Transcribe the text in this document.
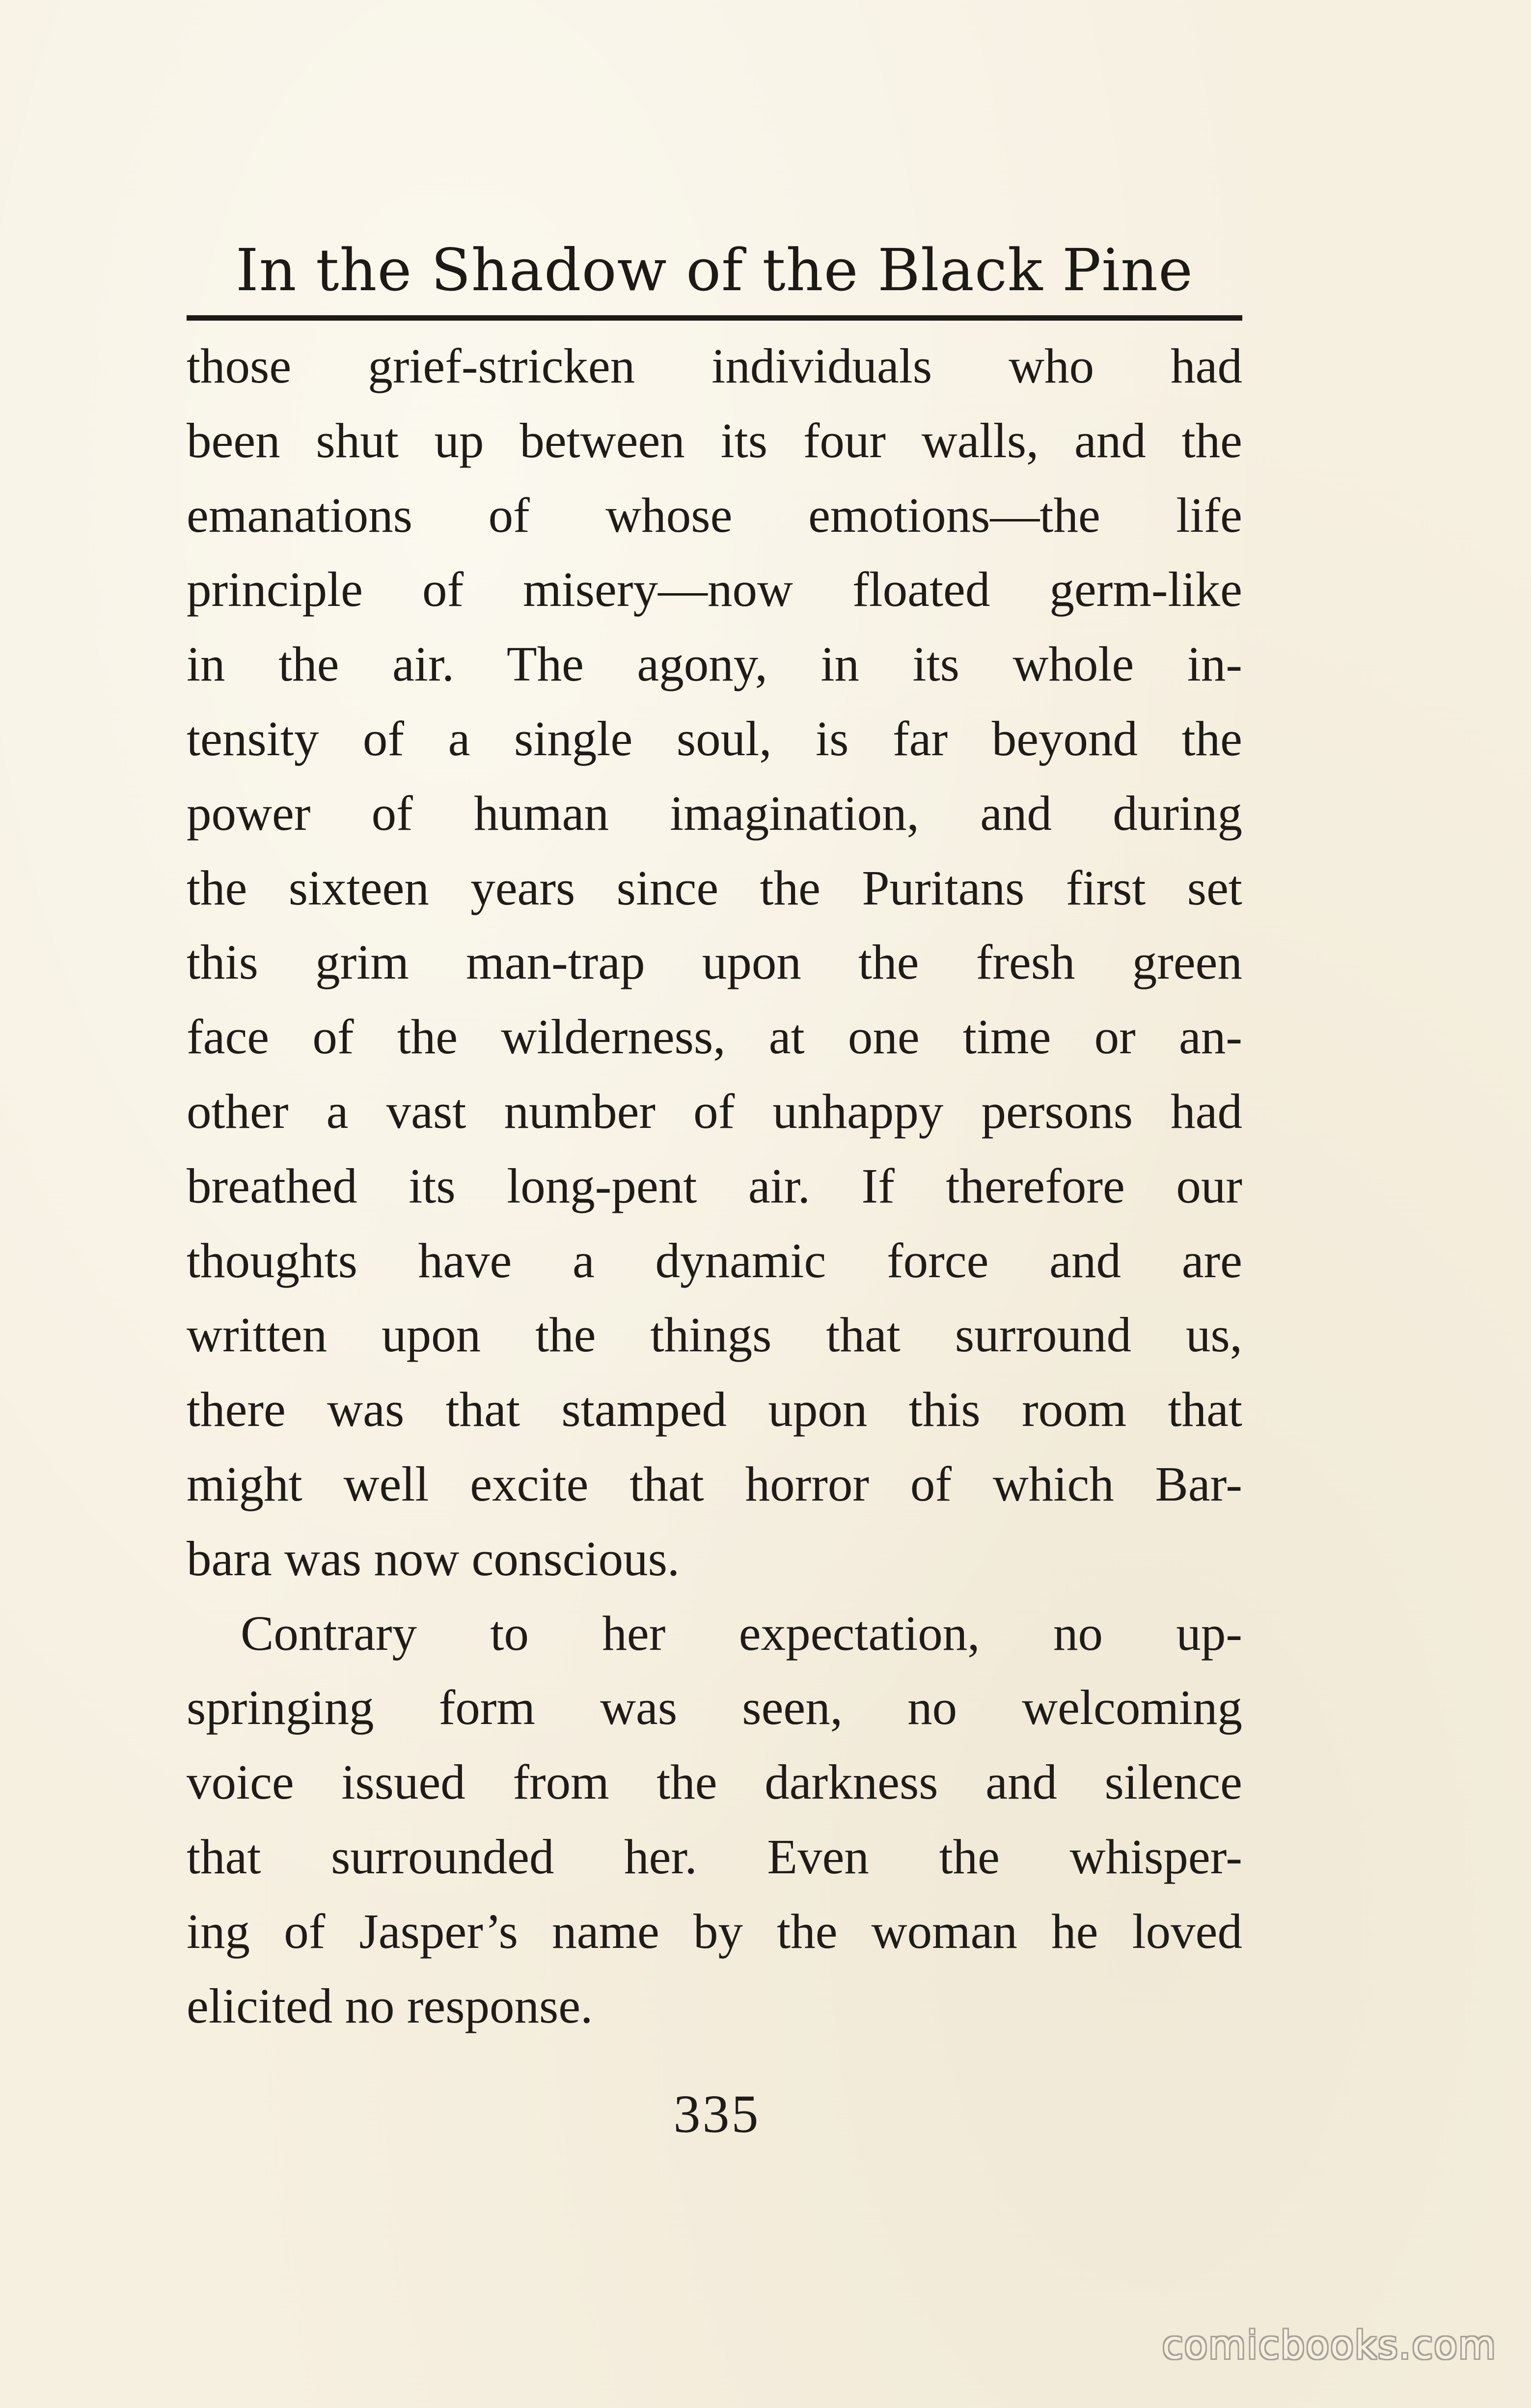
In the Shadow of the Black Pine
those grief-stricken individuals who had
been shut up between its four walls, and the
emanations of whose emotions—the life
principle of misery—now floated germ-like
in the air. The agony, in its whole in-
tensity of a single soul, is far beyond the
power of human imagination, and during
the sixteen years since the Puritans first set
this grim man-trap upon the fresh green
face of the wilderness, at one time or an-
other a vast number of unhappy persons had
breathed its long-pent air. If therefore our
thoughts have a dynamic force and are
written upon the things that surround us,
there was that stamped upon this room that
might well excite that horror of which Bar-
bara was now conscious.
Contrary to her expectation, no up-
springing form was seen, no welcoming
voice issued from the darkness and silence
that surrounded her. Even the whisper-
ing of Jasper’s name by the woman he loved
elicited no response.
335
comicbooks.com
